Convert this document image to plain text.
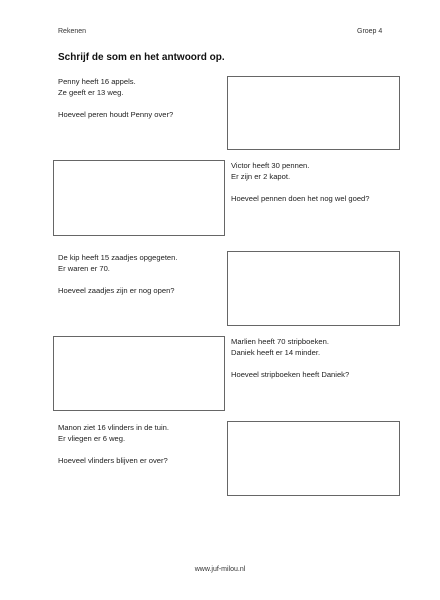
Rekenen	Groep 4
Schrijf de som en het antwoord op.
Penny heeft 16 appels.
Ze geeft er 13 weg.
Hoeveel peren houdt Penny over?
Victor heeft 30 pennen.
Er zijn er 2 kapot.
Hoeveel pennen doen het nog wel goed?
De kip heeft 15 zaadjes opgegeten.
Er waren er 70.
Hoeveel zaadjes zijn er nog open?
Marlien heeft 70 stripboeken.
Daniek heeft er 14 minder.
Hoeveel stripboeken heeft Daniek?
Manon ziet 16 vlinders in de tuin.
Er vliegen er 6 weg.
Hoeveel vlinders blijven er over?
www.juf-milou.nl
